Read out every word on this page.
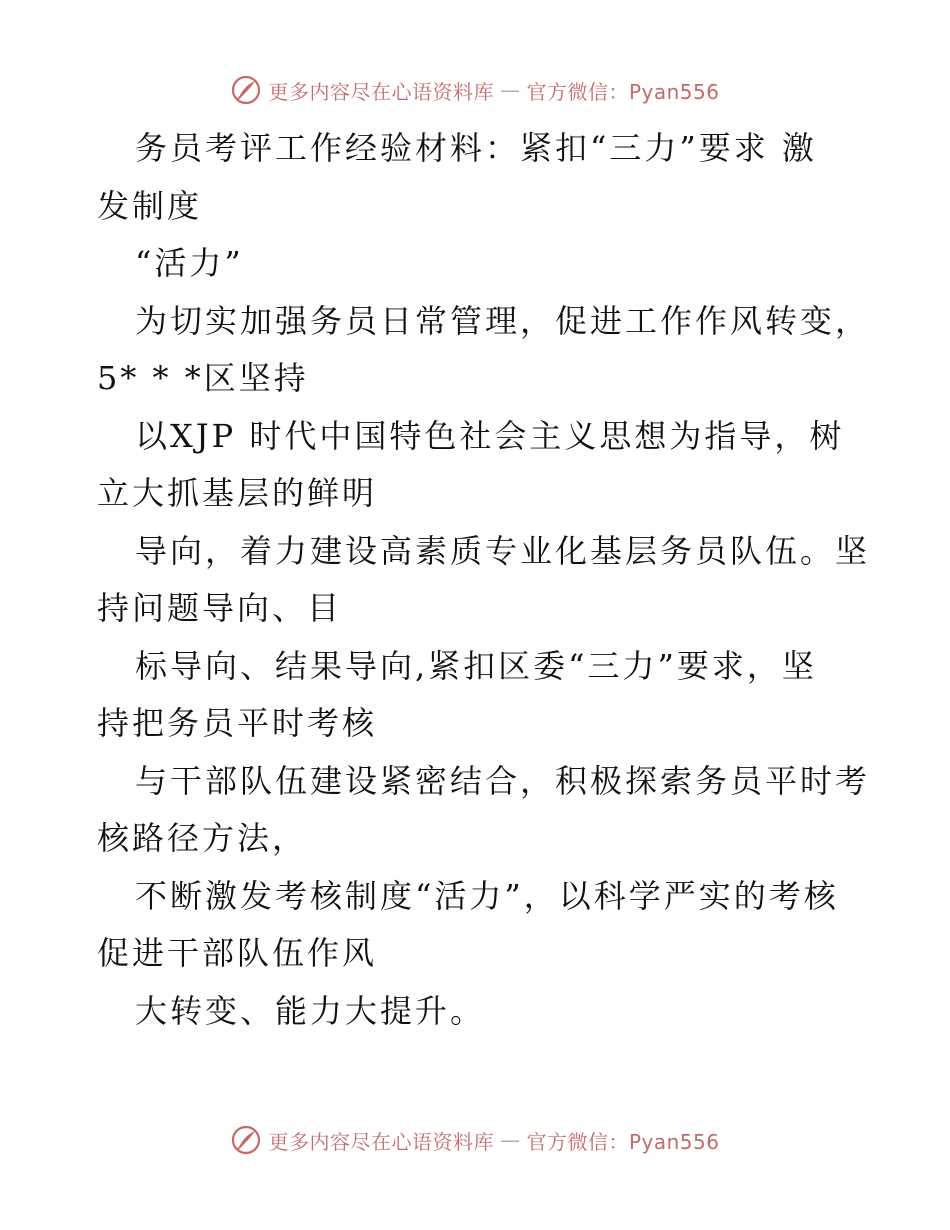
更多内容尽在心语资料库 — 官方微信：Pyan556
务员考评工作经验材料：紧扣“三力”要求 激
发制度
“活力”
为切实加强务员日常管理，促进工作作风转变，
5* * *区坚持
以XJP 时代中国特色社会主义思想为指导，树
立大抓基层的鲜明
导向，着力建设高素质专业化基层务员队伍。坚
持问题导向、目
标导向、结果导向,紧扣区委“三力”要求，坚
持把务员平时考核
与干部队伍建设紧密结合，积极探索务员平时考
核路径方法，
不断激发考核制度“活力”，以科学严实的考核
促进干部队伍作风
大转变、能力大提升。
更多内容尽在心语资料库 — 官方微信：Pyan556
